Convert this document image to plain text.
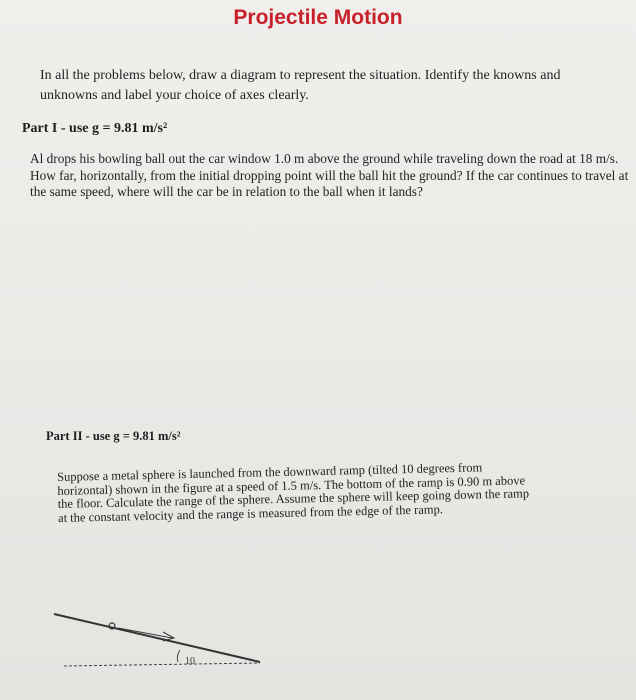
Projectile Motion
In all the problems below, draw a diagram to represent the situation. Identify the knowns and unknowns and label your choice of axes clearly.
Part I - use g = 9.81 m/s²
Al drops his bowling ball out the car window 1.0 m above the ground while traveling down the road at 18 m/s. How far, horizontally, from the initial dropping point will the ball hit the ground? If the car continues to travel at the same speed, where will the car be in relation to the ball when it lands?
Part II - use g = 9.81 m/s²
Suppose a metal sphere is launched from the downward ramp (tilted 10 degrees from horizontal) shown in the figure at a speed of 1.5 m/s. The bottom of the ramp is 0.90 m above the floor. Calculate the range of the sphere. Assume the sphere will keep going down the ramp at the constant velocity and the range is measured from the edge of the ramp.
10
